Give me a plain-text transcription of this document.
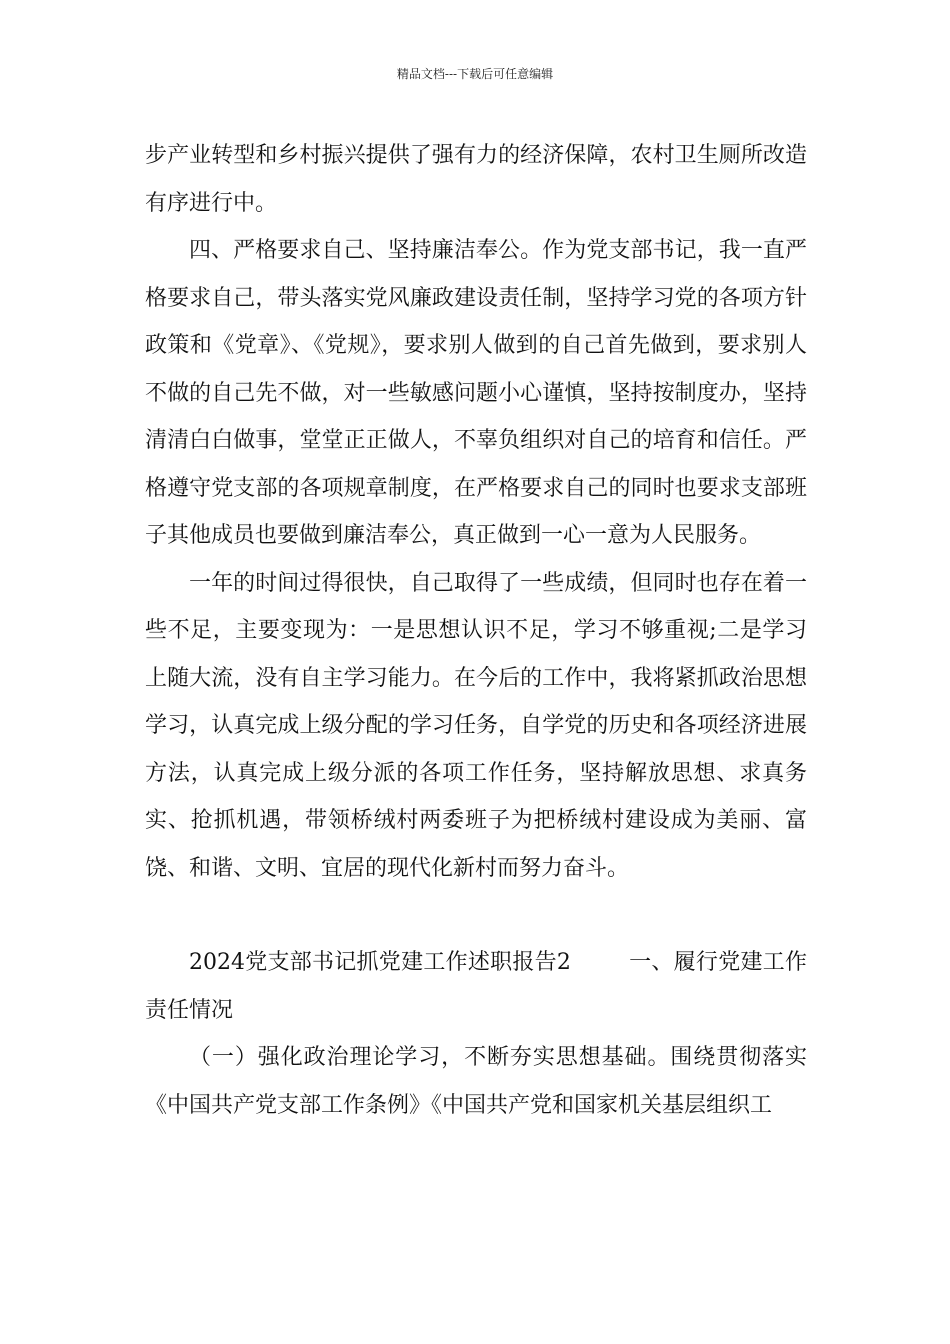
精品文档---下载后可任意编辑

步产业转型和乡村振兴提供了强有力的经济保障，农村卫生厕所改造有序进行中。

四、严格要求自己、坚持廉洁奉公。作为党支部书记，我一直严格要求自己，带头落实党风廉政建设责任制，坚持学习党的各项方针政策和《党章》、《党规》，要求别人做到的自己首先做到，要求别人不做的自己先不做，对一些敏感问题小心谨慎，坚持按制度办，坚持清清白白做事，堂堂正正做人，不辜负组织对自己的培育和信任。严格遵守党支部的各项规章制度，在严格要求自己的同时也要求支部班子其他成员也要做到廉洁奉公，真正做到一心一意为人民服务。

一年的时间过得很快，自己取得了一些成绩，但同时也存在着一些不足，主要变现为：一是思想认识不足，学习不够重视;二是学习上随大流，没有自主学习能力。在今后的工作中，我将紧抓政治思想学习，认真完成上级分配的学习任务，自学党的历史和各项经济进展方法，认真完成上级分派的各项工作任务，坚持解放思想、求真务实、抢抓机遇，带领桥绒村两委班子为把桥绒村建设成为美丽、富饶、和谐、文明、宜居的现代化新村而努力奋斗。

2024党支部书记抓党建工作述职报告2	一、履行党建工作责任情况

（一）强化政治理论学习，不断夯实思想基础。围绕贯彻落实《中国共产党支部工作条例》《中国共产党和国家机关基层组织工
